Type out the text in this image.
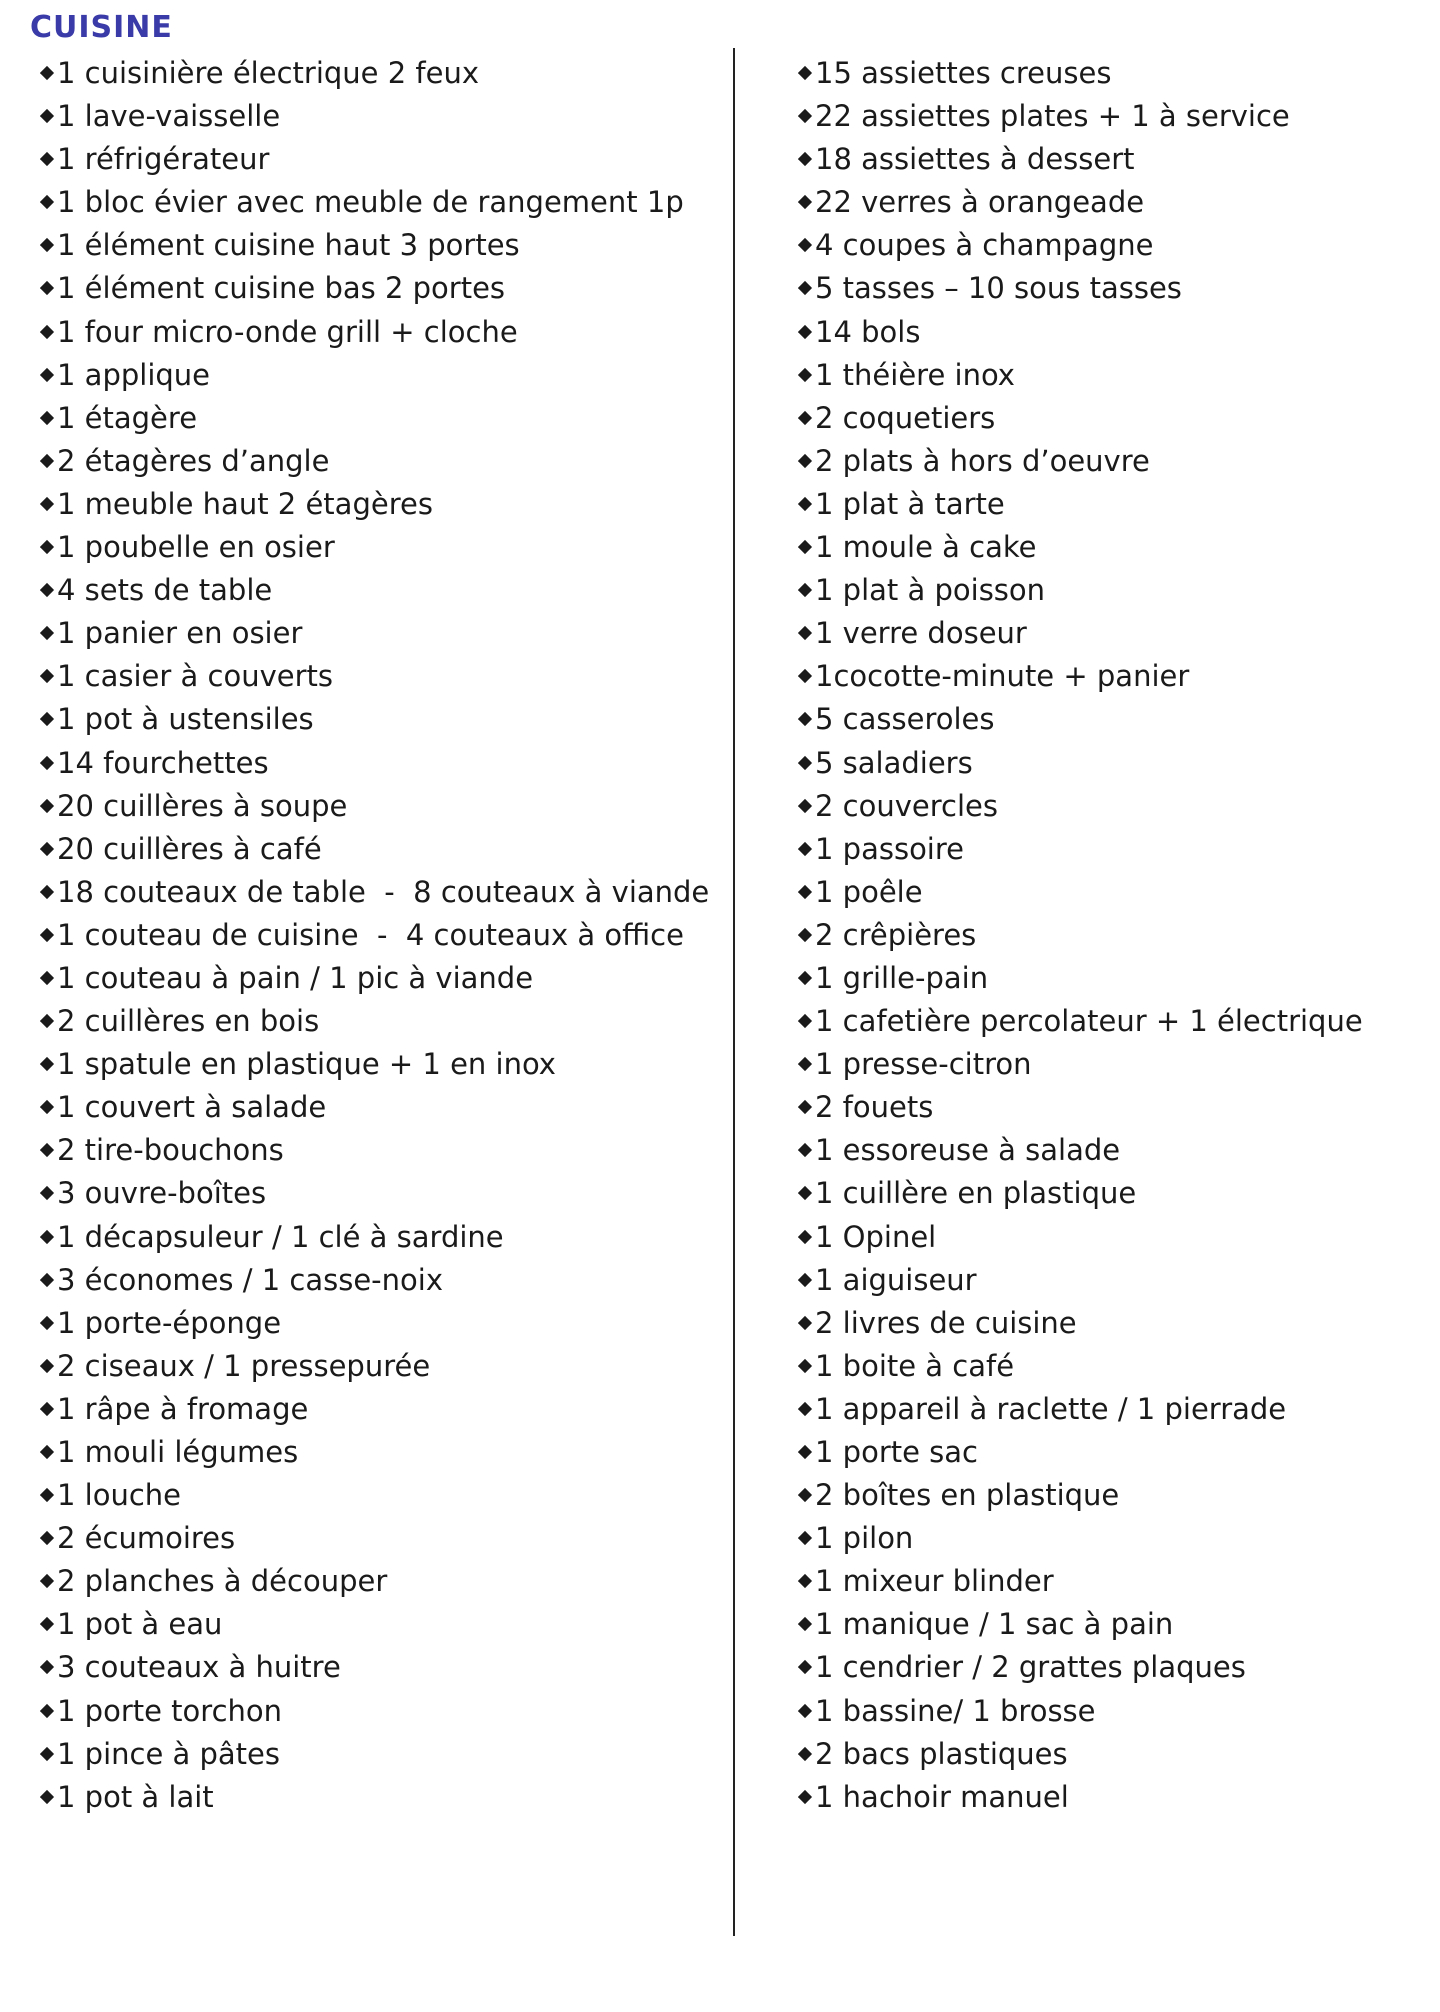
CUISINE
1 cuisinière électrique 2 feux
1 lave-vaisselle
1 réfrigérateur
1 bloc évier avec meuble de rangement 1p
1 élément cuisine haut 3 portes
1 élément cuisine bas 2 portes
1 four micro-onde grill + cloche
1 applique
1 étagère
2 étagères d’angle
1 meuble haut 2 étagères
1 poubelle en osier
4 sets de table
1 panier en osier
1 casier à couverts
1 pot à ustensiles
14 fourchettes
20 cuillères à soupe
20 cuillères à café
18 couteaux de table  -  8 couteaux à viande
1 couteau de cuisine  -  4 couteaux à office
1 couteau à pain / 1 pic à viande
2 cuillères en bois
1 spatule en plastique + 1 en inox
1 couvert à salade
2 tire-bouchons
3 ouvre-boîtes
1 décapsuleur / 1 clé à sardine
3 économes / 1 casse-noix
1 porte-éponge
2 ciseaux / 1 pressepurée
1 râpe à fromage
1 mouli légumes
1 louche
2 écumoires
2 planches à découper
1 pot à eau
3 couteaux à huitre
1 porte torchon
1 pince à pâtes
1 pot à lait
15 assiettes creuses
22 assiettes plates + 1 à service
18 assiettes à dessert
22 verres à orangeade
4 coupes à champagne
5 tasses – 10 sous tasses
14 bols
1 théière inox
2 coquetiers
2 plats à hors d’oeuvre
1 plat à tarte
1 moule à cake
1 plat à poisson
1 verre doseur
1cocotte-minute + panier
5 casseroles
5 saladiers
2 couvercles
1 passoire
1 poêle
2 crêpières
1 grille-pain
1 cafetière percolateur + 1 électrique
1 presse-citron
2 fouets
1 essoreuse à salade
1 cuillère en plastique
1 Opinel
1 aiguiseur
2 livres de cuisine
1 boite à café
1 appareil à raclette / 1 pierrade
1 porte sac
2 boîtes en plastique
1 pilon
1 mixeur blinder
1 manique / 1 sac à pain
1 cendrier / 2 grattes plaques
1 bassine/ 1 brosse
2 bacs plastiques
1 hachoir manuel
